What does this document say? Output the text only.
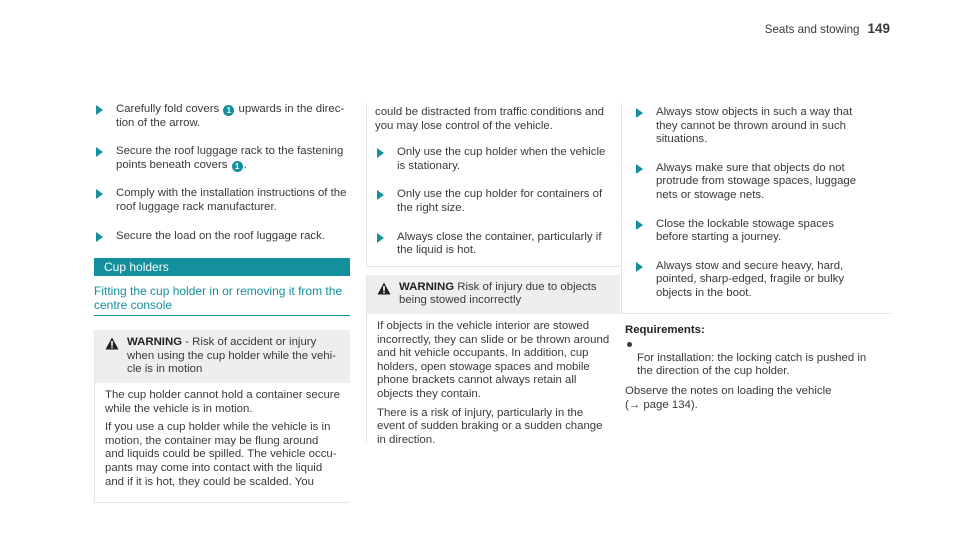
Seats and stowing 149
Carefully fold covers 1 upwards in the direc-
tion of the arrow.
Secure the roof luggage rack to the fastening
points beneath covers 1 .
Comply with the installation instructions of the
roof luggage rack manufacturer.
Secure the load on the roof luggage rack.
Cup holders
Fitting the cup holder in or removing it from the
centre console
WARNING - Risk of accident or injury
when using the cup holder while the vehi-
cle is in motion

The cup holder cannot hold a container secure
while the vehicle is in motion.

If you use a cup holder while the vehicle is in
motion, the container may be flung around
and liquids could be spilled. The vehicle occu-
pants may come into contact with the liquid
and if it is hot, they could be scalded. You

could be distracted from traffic conditions and
you may lose control of the vehicle.
Only use the cup holder when the vehicle
is stationary.
Only use the cup holder for containers of
the right size.
Always close the container, particularly if
the liquid is hot.
WARNING Risk of injury due to objects
being stowed incorrectly

If objects in the vehicle interior are stowed
incorrectly, they can slide or be thrown around
and hit vehicle occupants. In addition, cup
holders, open stowage spaces and mobile
phone brackets cannot always retain all
objects they contain.

There is a risk of injury, particularly in the
event of sudden braking or a sudden change
in direction.

Always stow objects in such a way that
they cannot be thrown around in such
situations.
Always make sure that objects do not
protrude from stowage spaces, luggage
nets or stowage nets.
Close the lockable stowage spaces
before starting a journey.
Always stow and secure heavy, hard,
pointed, sharp-edged, fragile or bulky
objects in the boot.
Requirements:

For installation: the locking catch is pushed in
the direction of the cup holder.

Observe the notes on loading the vehicle
(→ page 134).
